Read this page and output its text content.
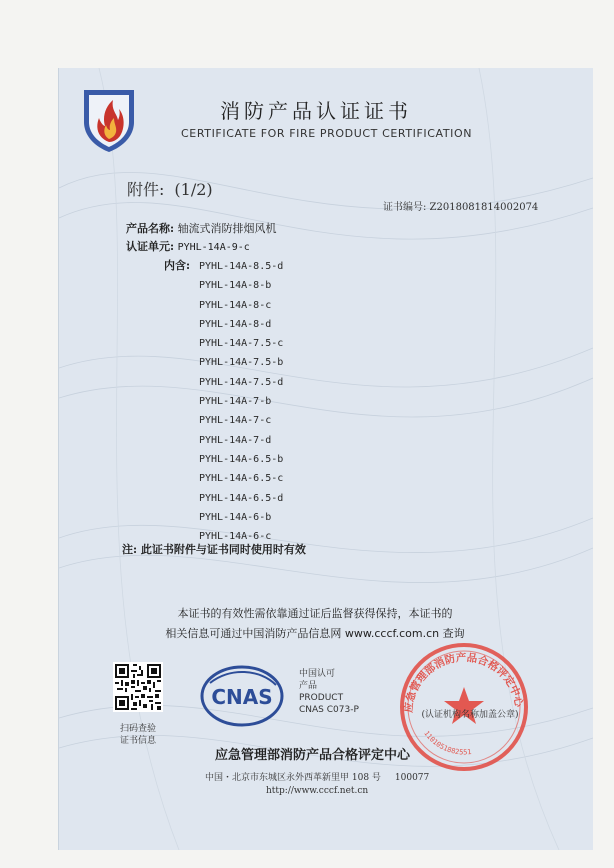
消防产品认证证书
CERTIFICATE FOR FIRE PRODUCT CERTIFICATION
附件: (1/2)
证书编号: Z2018081814002074
产品名称: 轴流式消防排烟风机
认证单元: PYHL-14A-9-c
内含: PYHL-14A-8.5-d
PYHL-14A-8-b
PYHL-14A-8-c
PYHL-14A-8-d
PYHL-14A-7.5-c
PYHL-14A-7.5-b
PYHL-14A-7.5-d
PYHL-14A-7-b
PYHL-14A-7-c
PYHL-14A-7-d
PYHL-14A-6.5-b
PYHL-14A-6.5-c
PYHL-14A-6.5-d
PYHL-14A-6-b
PYHL-14A-6-c
注: 此证书附件与证书同时使用时有效
本证书的有效性需依靠通过证后监督获得保持，本证书的
相关信息可通过中国消防产品信息网 www.cccf.com.cn 查询
扫码查验
证书信息
CNAS
中国认可
产品
PRODUCT
CNAS C073-P	应急管理部消防产品合格评定中心
(认证机构名称加盖公章)
1101051882551
应急管理部消防产品合格评定中心
中国・北京市东城区永外西革新里甲 108 号 100077
http://www.cccf.net.cn
